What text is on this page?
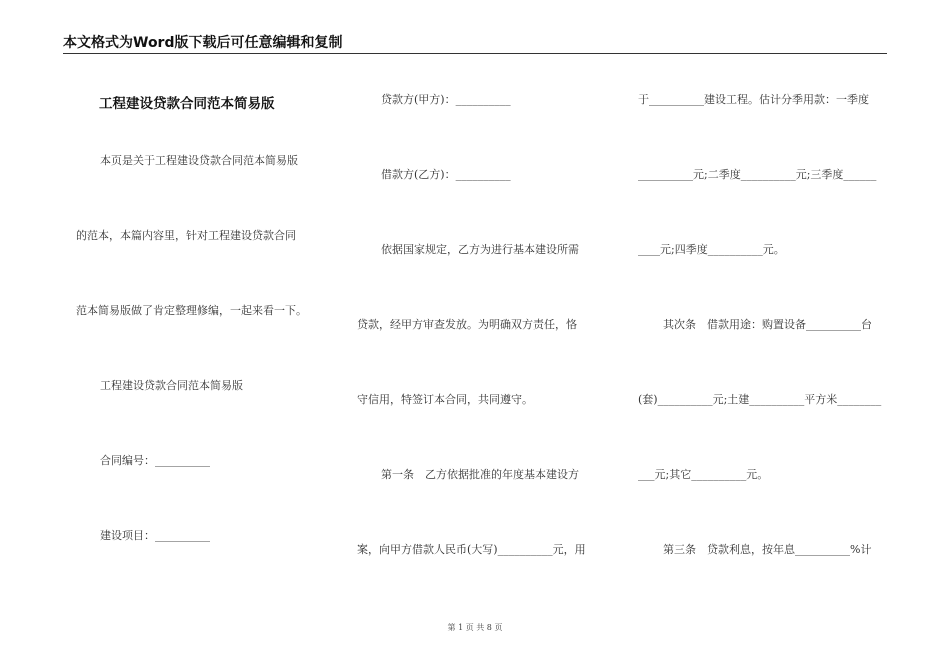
本文格式为Word版下载后可任意编辑和复制
工程建设贷款合同范本简易版
本页是关于工程建设贷款合同范本简易版
的范本，本篇内容里，针对工程建设贷款合同
范本简易版做了肯定整理修编，一起来看一下。
工程建设贷款合同范本简易版
合同编号：__________
建设项目：__________
贷款方(甲方)：__________
借款方(乙方)：__________
依据国家规定，乙方为进行基本建设所需
贷款，经甲方审查发放。为明确双方责任，恪
守信用，特签订本合同，共同遵守。
第一条　乙方依据批准的年度基本建设方
案，向甲方借款人民币(大写)__________元，用
于__________建设工程。估计分季用款：一季度
__________元;二季度__________元;三季度______
____元;四季度__________元。
其次条　借款用途：购置设备__________台
(套)__________元;土建__________平方米________
___元;其它__________元。
第三条　贷款利息，按年息__________%计
第 1 页 共 8 页
